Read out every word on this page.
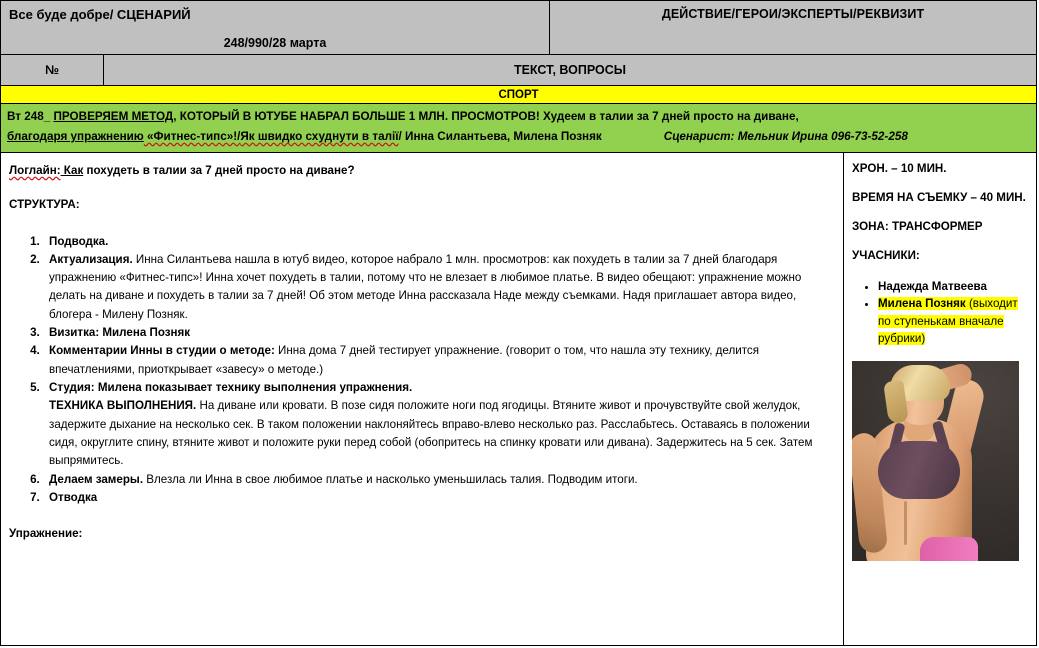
Все буде добре/ СЦЕНАРИЙ
248/990/28 марта
ДЕЙСТВИЕ/ГЕРОИ/ЭКСПЕРТЫ/РЕКВИЗИТ
№	ТЕКСТ, ВОПРОСЫ
СПОРТ
Вт 248_ ПРОВЕРЯЕМ МЕТОД, КОТОРЫЙ В ЮТУБЕ НАБРАЛ БОЛЬШЕ 1 МЛН. ПРОСМОТРОВ! Худеем в талии за 7 дней просто на диване,
благодаря упражнению «Фитнес-типс»!/Як швидко схуднути в талії/ Инна Силантьева, Милена Позняк	Сценарист: Мельник Ирина 096-73-52-258
Логлайн: Как похудеть в талии за 7 дней просто на диване?
СТРУКТУРА:
1. Подводка.
2. Актуализация. Инна Силантьева нашла в ютуб видео, которое набрало 1 млн. просмотров: как похудеть в талии за 7 дней благодаря упражнению «Фитнес-типс»! Инна хочет похудеть в талии, потому что не влезает в любимое платье. В видео обещают: упражнение можно делать на диване и похудеть в талии за 7 дней! Об этом методе Инна рассказала Наде между съемками. Надя приглашает автора видео, блогера - Милену Позняк.
3. Визитка: Милена Позняк
4. Комментарии Инны в студии о методе: Инна дома 7 дней тестирует упражнение. (говорит о том, что нашла эту технику, делится впечатлениями, приоткрывает «завесу» о методе.)
5. Студия: Милена показывает технику выполнения упражнения.
ТЕХНИКА ВЫПОЛНЕНИЯ. На диване или кровати. В позе сидя положите ноги под ягодицы. Втяните живот и прочувствуйте свой желудок, задержите дыхание на несколько сек. В таком положении наклоняйтесь вправо-влево несколько раз. Расслабьтесь. Оставаясь в положении сидя, округлите спину, втяните живот и положите руки перед собой (обопритесь на спинку кровати или дивана). Задержитесь на 5 сек. Затем выпрямитесь.
6. Делаем замеры. Влезла ли Инна в свое любимое платье и насколько уменьшилась талия. Подводим итоги.
7. Отводка
Упражнение:
ХРОН. – 10 МИН.
ВРЕМЯ НА СЪЕМКУ – 40 МИН.
ЗОНА: ТРАНСФОРМЕР
УЧАСНИКИ:
• Надежда Матвеева
• Милена Позняк (выходит по ступенькам вначале рубрики)
